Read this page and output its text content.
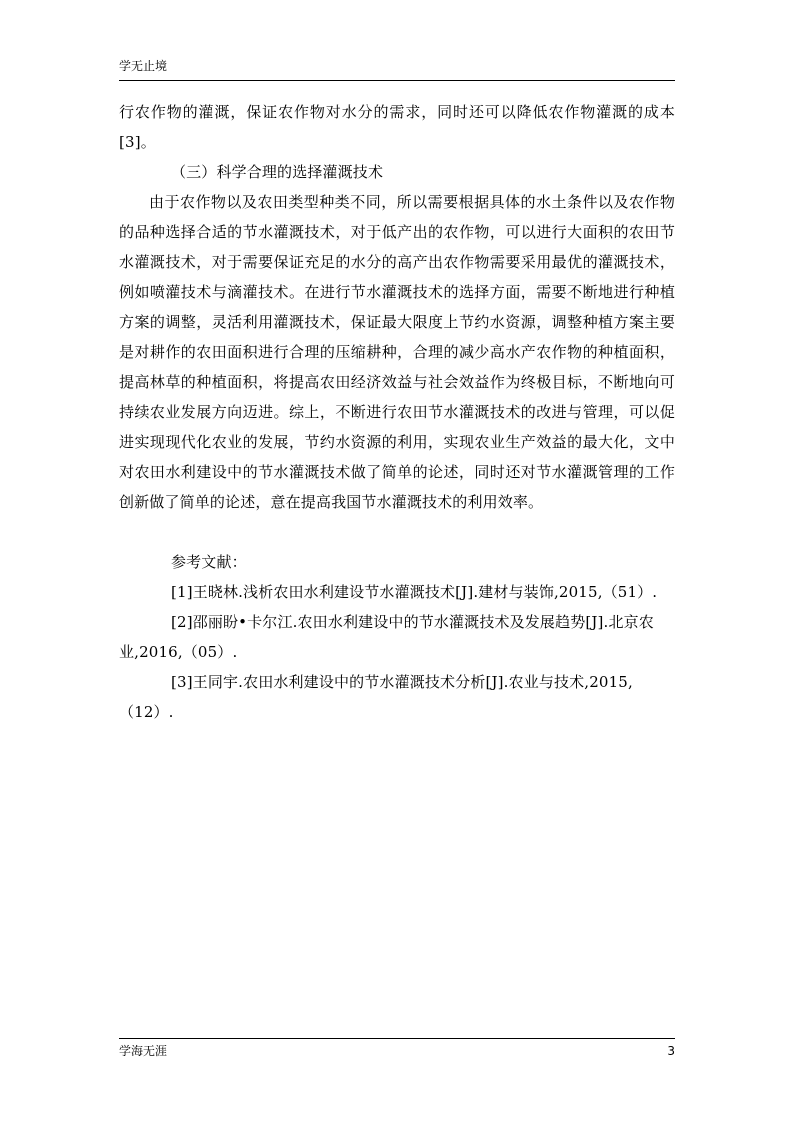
学无止境

行农作物的灌溉，保证农作物对水分的需求，同时还可以降低农作物灌溉的成本[3]。

（三）科学合理的选择灌溉技术

由于农作物以及农田类型种类不同，所以需要根据具体的水土条件以及农作物的品种选择合适的节水灌溉技术，对于低产出的农作物，可以进行大面积的农田节水灌溉技术，对于需要保证充足的水分的高产出农作物需要采用最优的灌溉技术，例如喷灌技术与滴灌技术。在进行节水灌溉技术的选择方面，需要不断地进行种植方案的调整，灵活利用灌溉技术，保证最大限度上节约水资源，调整种植方案主要是对耕作的农田面积进行合理的压缩耕种，合理的减少高水产农作物的种植面积，提高林草的种植面积，将提高农田经济效益与社会效益作为终极目标，不断地向可持续农业发展方向迈进。综上，不断进行农田节水灌溉技术的改进与管理，可以促进实现现代化农业的发展，节约水资源的利用，实现农业生产效益的最大化，文中对农田水利建设中的节水灌溉技术做了简单的论述，同时还对节水灌溉管理的工作创新做了简单的论述，意在提高我国节水灌溉技术的利用效率。

参考文献：

[1]王晓林.浅析农田水利建设节水灌溉技术[J].建材与装饰,2015,（51）.

[2]邵丽盼•卡尔江.农田水利建设中的节水灌溉技术及发展趋势[J].北京农业,2016,（05）.

[3]王同宇.农田水利建设中的节水灌溉技术分析[J].农业与技术,2015,（12）.

学海无涯	3
